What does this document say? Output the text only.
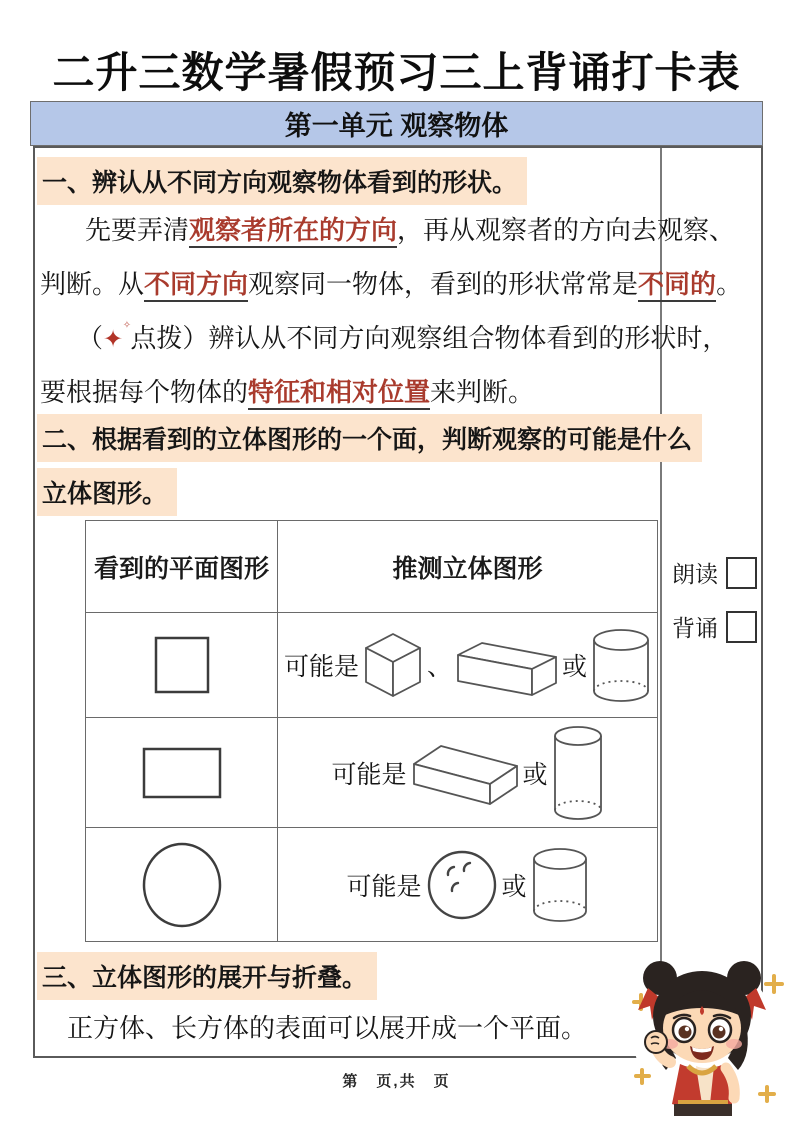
二升三数学暑假预习三上背诵打卡表
第一单元 观察物体
一、辨认从不同方向观察物体看到的形状。
先要弄清观察者所在的方向，再从观察者的方向去观察、
判断。从不同方向观察同一物体，看到的形状常常是不同的。
（✦
✧ 点拨）辨认从不同方向观察组合物体看到的形状时，
要根据每个物体的特征和相对位置来判断。
二、根据看到的立体图形的一个面，判断观察的可能是什么
立体图形。
看到的平面图形	推测立体图形

可能是 、 或

可能是 或

可能是 或
三、立体图形的展开与折叠。
正方体、长方体的表面可以展开成一个平面。
朗读
背诵
第　页,共　页
